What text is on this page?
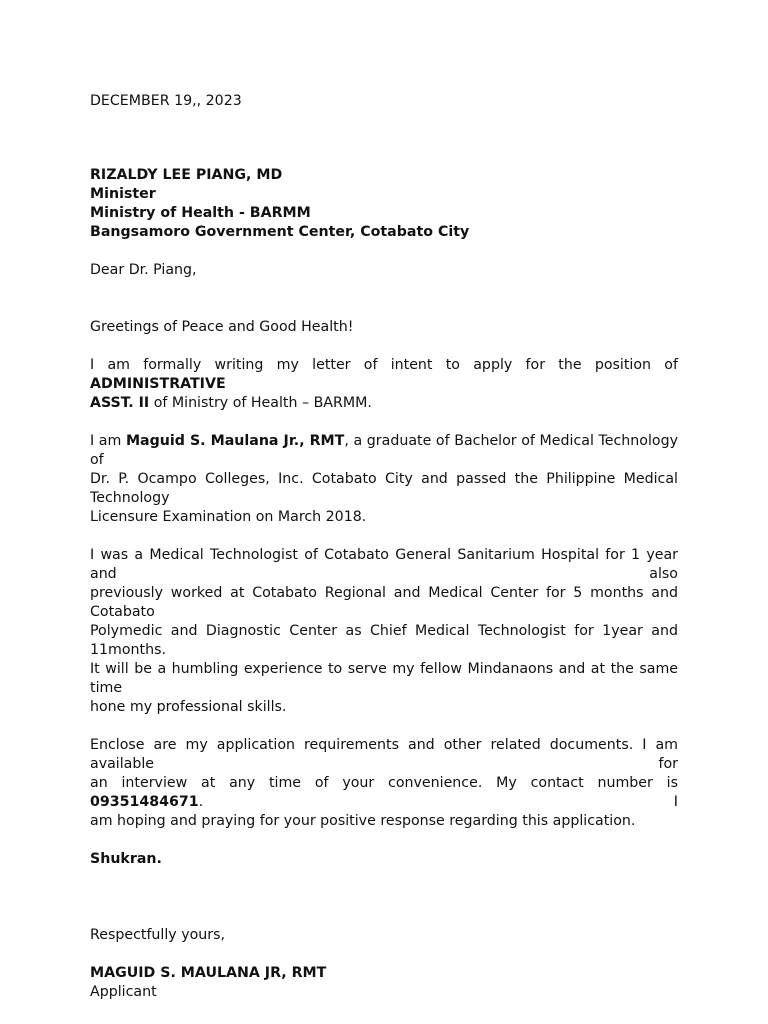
DECEMBER 19,, 2023
RIZALDY LEE PIANG, MD
Minister
Ministry of Health - BARMM
Bangsamoro Government Center, Cotabato City
Dear Dr. Piang,
Greetings of Peace and Good Health!
I am formally writing my letter of intent to apply for the position of ADMINISTRATIVE
ASST. II of Ministry of Health – BARMM.
I am Maguid S. Maulana Jr., RMT, a graduate of Bachelor of Medical Technology of
Dr. P. Ocampo Colleges, Inc. Cotabato City and passed the Philippine Medical Technology
Licensure Examination on March 2018.
I was a Medical Technologist of Cotabato General Sanitarium Hospital for 1 year and also
previously worked at Cotabato Regional and Medical Center for 5 months and Cotabato
Polymedic and Diagnostic Center as Chief Medical Technologist for 1year and 11months.
It will be a humbling experience to serve my fellow Mindanaons and at the same time
hone my professional skills.
Enclose are my application requirements and other related documents. I am available for
an interview at any time of your convenience. My contact number is 09351484671. I
am hoping and praying for your positive response regarding this application.
Shukran.
Respectfully yours,
MAGUID S. MAULANA JR, RMT
Applicant
